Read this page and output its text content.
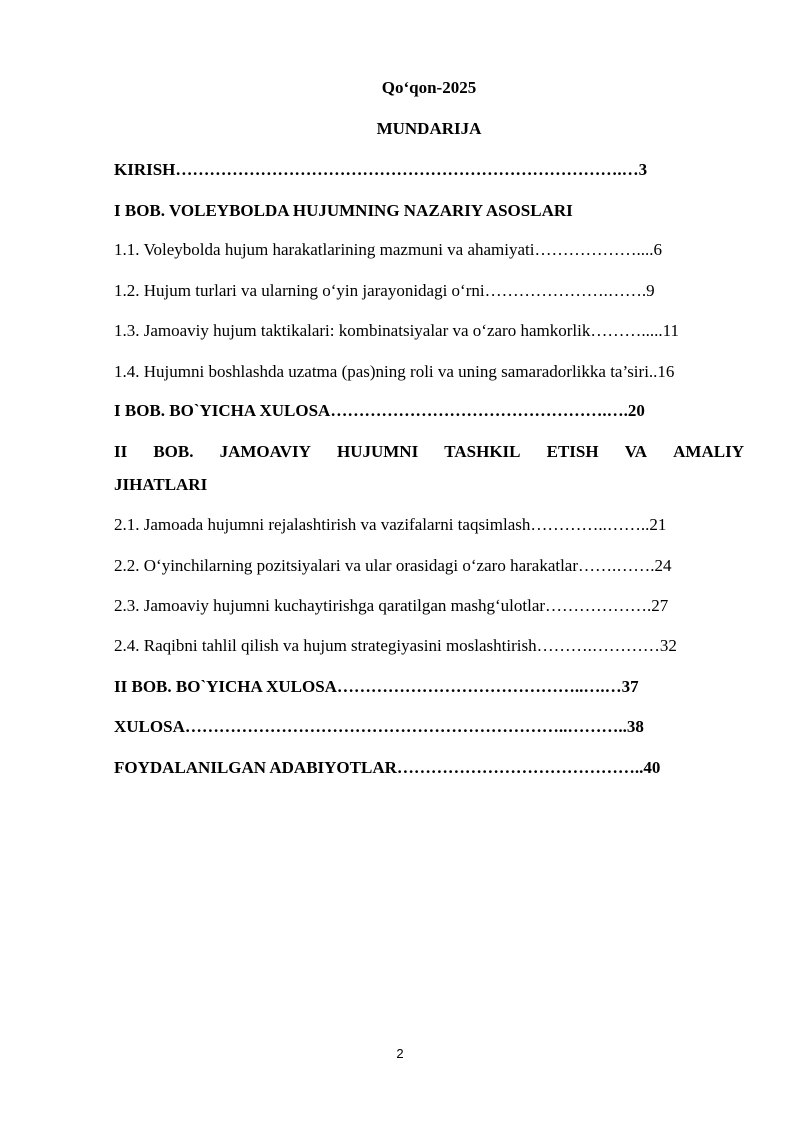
Qo‘qon-2025
MUNDARIJA
KIRISH…………………………………………………………………….…3
I BOB. VOLEYBOLDA HUJUMNING NAZARIY ASOSLARI
1.1. Voleybolda hujum harakatlarining mazmuni va ahamiyati………………....6
1.2. Hujum turlari va ularning o‘yin jarayonidagi o‘rni………………….…….9
1.3. Jamoaviy hujum taktikalari: kombinatsiyalar va o‘zaro hamkorlik……….....11
1.4. Hujumni boshlashda uzatma (pas)ning roli va uning samaradorlikka ta’siri..16
I BOB. BO`YICHA XULOSA………………………………………….….20
II BOB. JAMOAVIY HUJUMNI TASHKIL ETISH VA AMALIY
JIHATLARI
2.1. Jamoada hujumni rejalashtirish va vazifalarni taqsimlash…………..……..21
2.2. O‘yinchilarning pozitsiyalari va ular orasidagi o‘zaro harakatlar…….…….24
2.3. Jamoaviy hujumni kuchaytirishga qaratilgan mashg‘ulotlar……………….27
2.4. Raqibni tahlil qilish va hujum strategiyasini moslashtirish……….…………32
II BOB. BO`YICHA XULOSA……………………………………..….…37
XULOSA…………………………………………………………..………..38
FOYDALANILGAN ADABIYOTLAR……………………………………..40
2
